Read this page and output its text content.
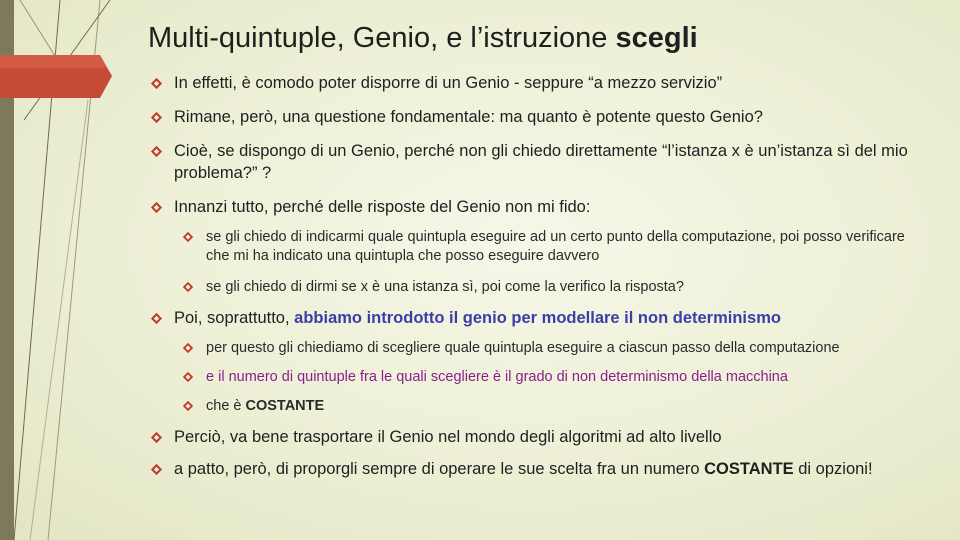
Multi-quintuple, Genio, e l’istruzione scegli
In effetti, è comodo poter disporre di un Genio - seppure “a mezzo servizio”
Rimane, però, una questione fondamentale: ma quanto è potente questo Genio?
Cioè, se dispongo di un Genio, perché non gli chiedo direttamente “l’istanza x è un’istanza sì del mio problema?” ?
Innanzi tutto, perché delle risposte del Genio non mi fido:
se gli chiedo di indicarmi quale quintupla eseguire ad un certo punto della computazione, poi posso verificare che mi ha indicato una quintupla che posso eseguire davvero
se gli chiedo di dirmi se x è una istanza sì, poi come la verifico la risposta?
Poi, soprattutto, abbiamo introdotto il genio per modellare il non determinismo
per questo gli chiediamo di scegliere quale quintupla eseguire a ciascun passo della computazione
e il numero di quintuple fra le quali scegliere è il grado di non determinismo della macchina
che è COSTANTE
Perciò, va bene trasportare il Genio nel mondo degli algoritmi ad alto livello
a patto, però, di proporgli sempre di operare le sue scelta fra un numero COSTANTE di opzioni!
